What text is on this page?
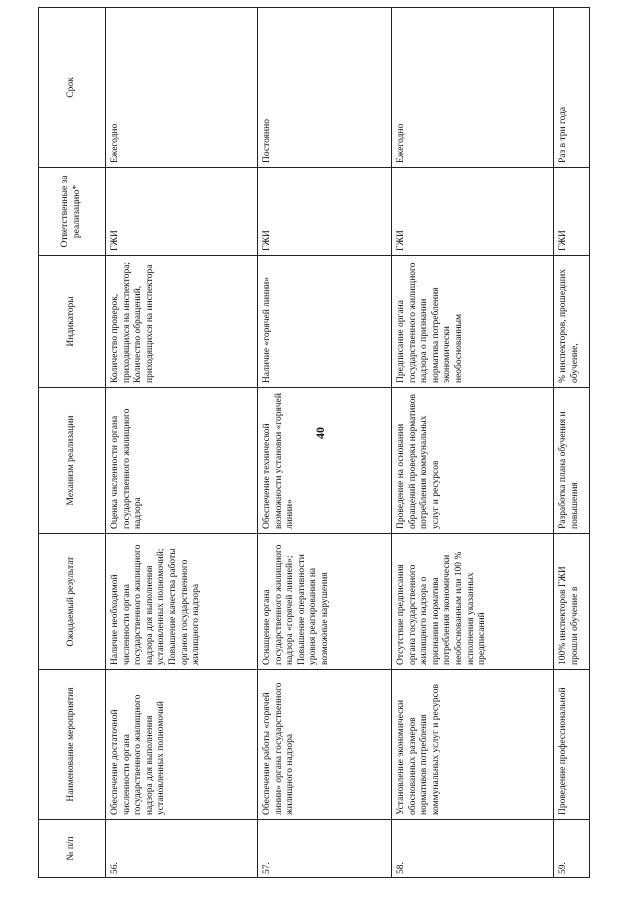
40
№ п/п	Наименование мероприятия	Ожидаемый результат	Механизм реализации	Индикаторы	Ответственные за реализацию*	Срок
56.	Обеспечение достаточной численности органа государственного жилищного надзора для выполнения установленных полномочий	Наличие необходимой численности органа государственного жилищного надзора для выполнения установленных полномочий; Повышение качества работы органов государственного жилищного надзора	Оценка численности органа государственного жилищного надзора	Количество проверок, приходящихся на инспектора; Количество обращений, приходящихся на инспектора	ГЖИ	Ежегодно
57.	Обеспечение работы «горячей линии» органа государственного жилищного надзора	Оснащение органа государственного жилищного надзора «горячей линией»; Повышение оперативности уровня реагирования на возможные нарушения	Обеспечение технической возможности установки «горячей линии»	Наличие «горячей линии»	ГЖИ	Постоянно
58.	Установление экономически обоснованных размеров нормативов потребления коммунальных услуг и ресурсов	Отсутствие предписания органа государственного жилищного надзора о признании норматива потребления экономически необоснованным или 100 % исполнения указанных предписаний	Проведение на основании обращений проверки нормативов потребления коммунальных услуг и ресурсов	Предписание органа государственного жилищного надзора о признании норматива потребления экономически необоснованным	ГЖИ	Ежегодно
59.	Проведение профессиональной	100% инспекторов ГЖИ прошли обучение в	Разработка плана обучения и повышения	% инспекторов, прошедших обучение,	ГЖИ	Раз в три года
